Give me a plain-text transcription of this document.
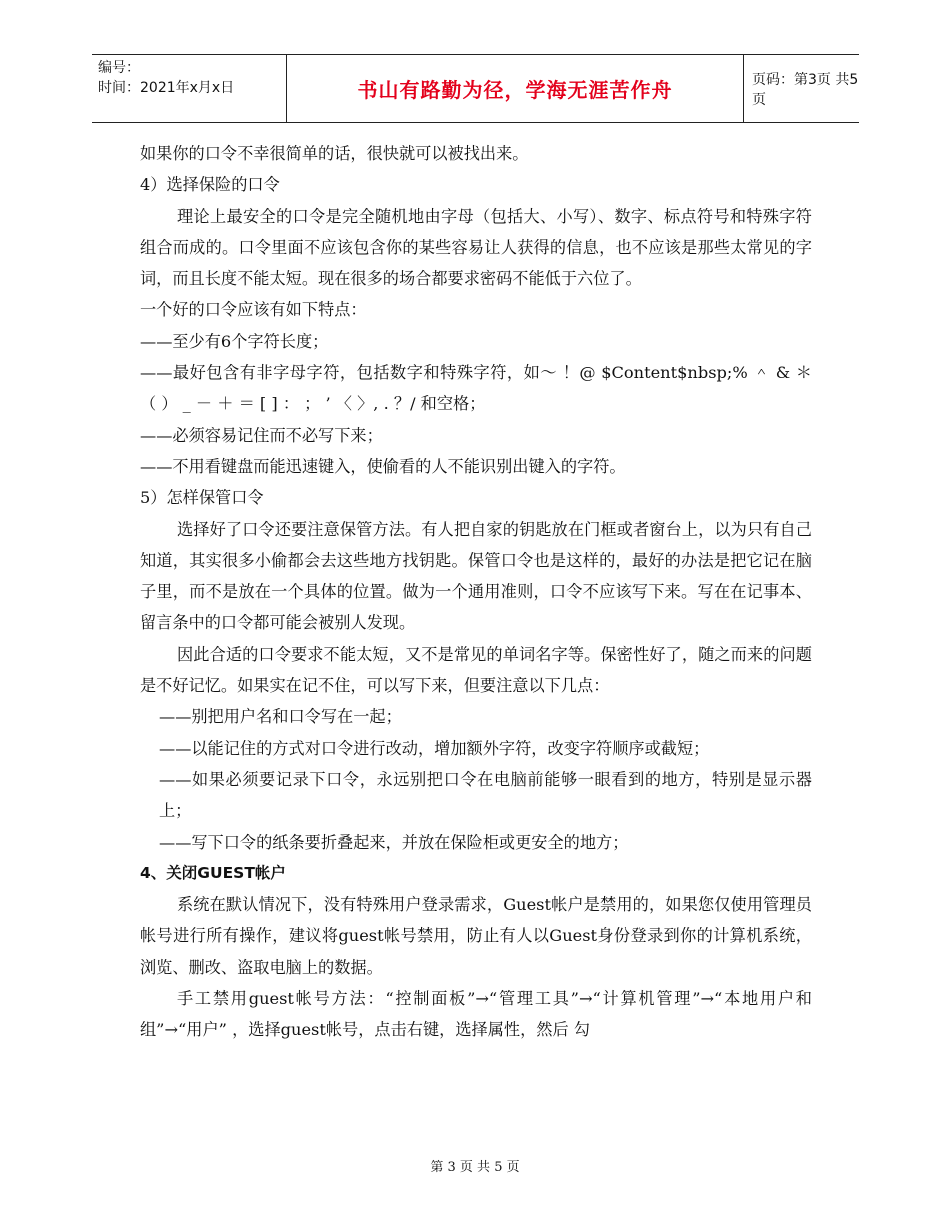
编号：
时间：2021年x月x日	书山有路勤为径，学海无涯苦作舟	页码：第3页 共5页

如果你的口令不幸很简单的话，很快就可以被找出来。

4）选择保险的口令

理论上最安全的口令是完全随机地由字母（包括大、小写）、数字、标点符号和特殊字符组合而成的。口令里面不应该包含你的某些容易让人获得的信息，也不应该是那些太常见的字词，而且长度不能太短。现在很多的场合都要求密码不能低于六位了。

一个好的口令应该有如下特点：

——至少有6个字符长度；

——最好包含有非字母字符，包括数字和特殊字符，如～ ！@ $Content$nbsp;% ＾ & ＊ （ ） _ － ＋ ＝ [ ] ： ； ’ 〈 〉, . ？/ 和空格；

——必须容易记住而不必写下来；

——不用看键盘而能迅速键入，使偷看的人不能识别出键入的字符。

5）怎样保管口令

选择好了口令还要注意保管方法。有人把自家的钥匙放在门框或者窗台上，以为只有自己知道，其实很多小偷都会去这些地方找钥匙。保管口令也是这样的，最好的办法是把它记在脑子里，而不是放在一个具体的位置。做为一个通用准则，口令不应该写下来。写在在记事本、留言条中的口令都可能会被别人发现。

因此合适的口令要求不能太短，又不是常见的单词名字等。保密性好了，随之而来的问题是不好记忆。如果实在记不住，可以写下来，但要注意以下几点：

——别把用户名和口令写在一起；

——以能记住的方式对口令进行改动，增加额外字符，改变字符顺序或截短；

——如果必须要记录下口令，永远别把口令在电脑前能够一眼看到的地方，特别是显示器上；

——写下口令的纸条要折叠起来，并放在保险柜或更安全的地方；

4、关闭GUEST帐户

系统在默认情况下，没有特殊用户登录需求，Guest帐户是禁用的，如果您仅使用管理员帐号进行所有操作，建议将guest帐号禁用，防止有人以Guest身份登录到你的计算机系统，浏览、删改、盗取电脑上的数据。

手工禁用guest帐号方法：“控制面板”→“管理工具”→“计算机管理”→“本地用户和组”→“用户” ，选择guest帐号，点击右键，选择属性，然后 勾

第 3 页 共 5 页
